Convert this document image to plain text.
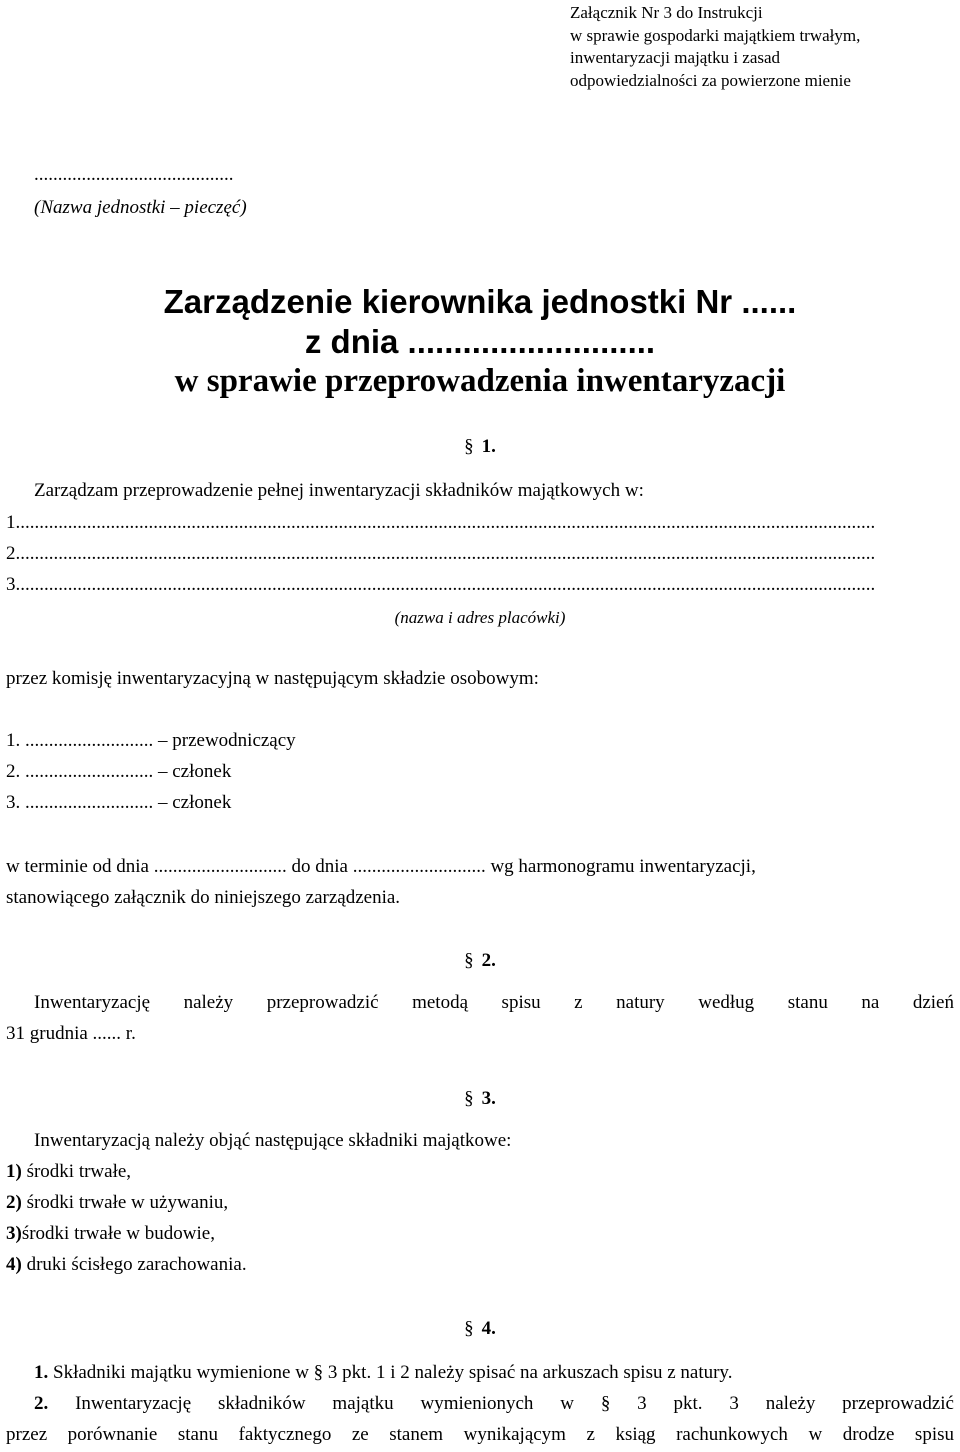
Załącznik Nr 3 do Instrukcji
w sprawie gospodarki majątkiem trwałym,
inwentaryzacji majątku i zasad
odpowiedzialności za powierzone mienie
..........................................
(Nazwa jednostki – pieczęć)
Zarządzenie kierownika jednostki Nr ......
z dnia ...........................
w sprawie przeprowadzenia inwentaryzacji
§ 1.
Zarządzam przeprowadzenie pełnej inwentaryzacji składników majątkowych w:
1.....................................................................................................................................................................................
2.....................................................................................................................................................................................
3.....................................................................................................................................................................................
(nazwa i adres placówki)
przez komisję inwentaryzacyjną w następującym składzie osobowym:
1. ........................... – przewodniczący
2. ........................... – członek
3. ........................... – członek
w terminie od dnia ............................ do dnia ............................ wg harmonogramu inwentaryzacji,
stanowiącego załącznik do niniejszego zarządzenia.
§ 2.
Inwentaryzację należy przeprowadzić metodą spisu z natury według stanu na dzień
31 grudnia ...... r.
§ 3.
Inwentaryzacją należy objąć następujące składniki majątkowe:
1) środki trwałe,
2) środki trwałe w używaniu,
3)środki trwałe w budowie,
4) druki ścisłego zarachowania.
§ 4.
1. Składniki majątku wymienione w § 3 pkt. 1 i 2 należy spisać na arkuszach spisu z natury.
2. Inwentaryzację składników majątku wymienionych w § 3 pkt. 3 należy przeprowadzić
przez porównanie stanu faktycznego ze stanem wynikającym z ksiąg rachunkowych w drodze spisu
